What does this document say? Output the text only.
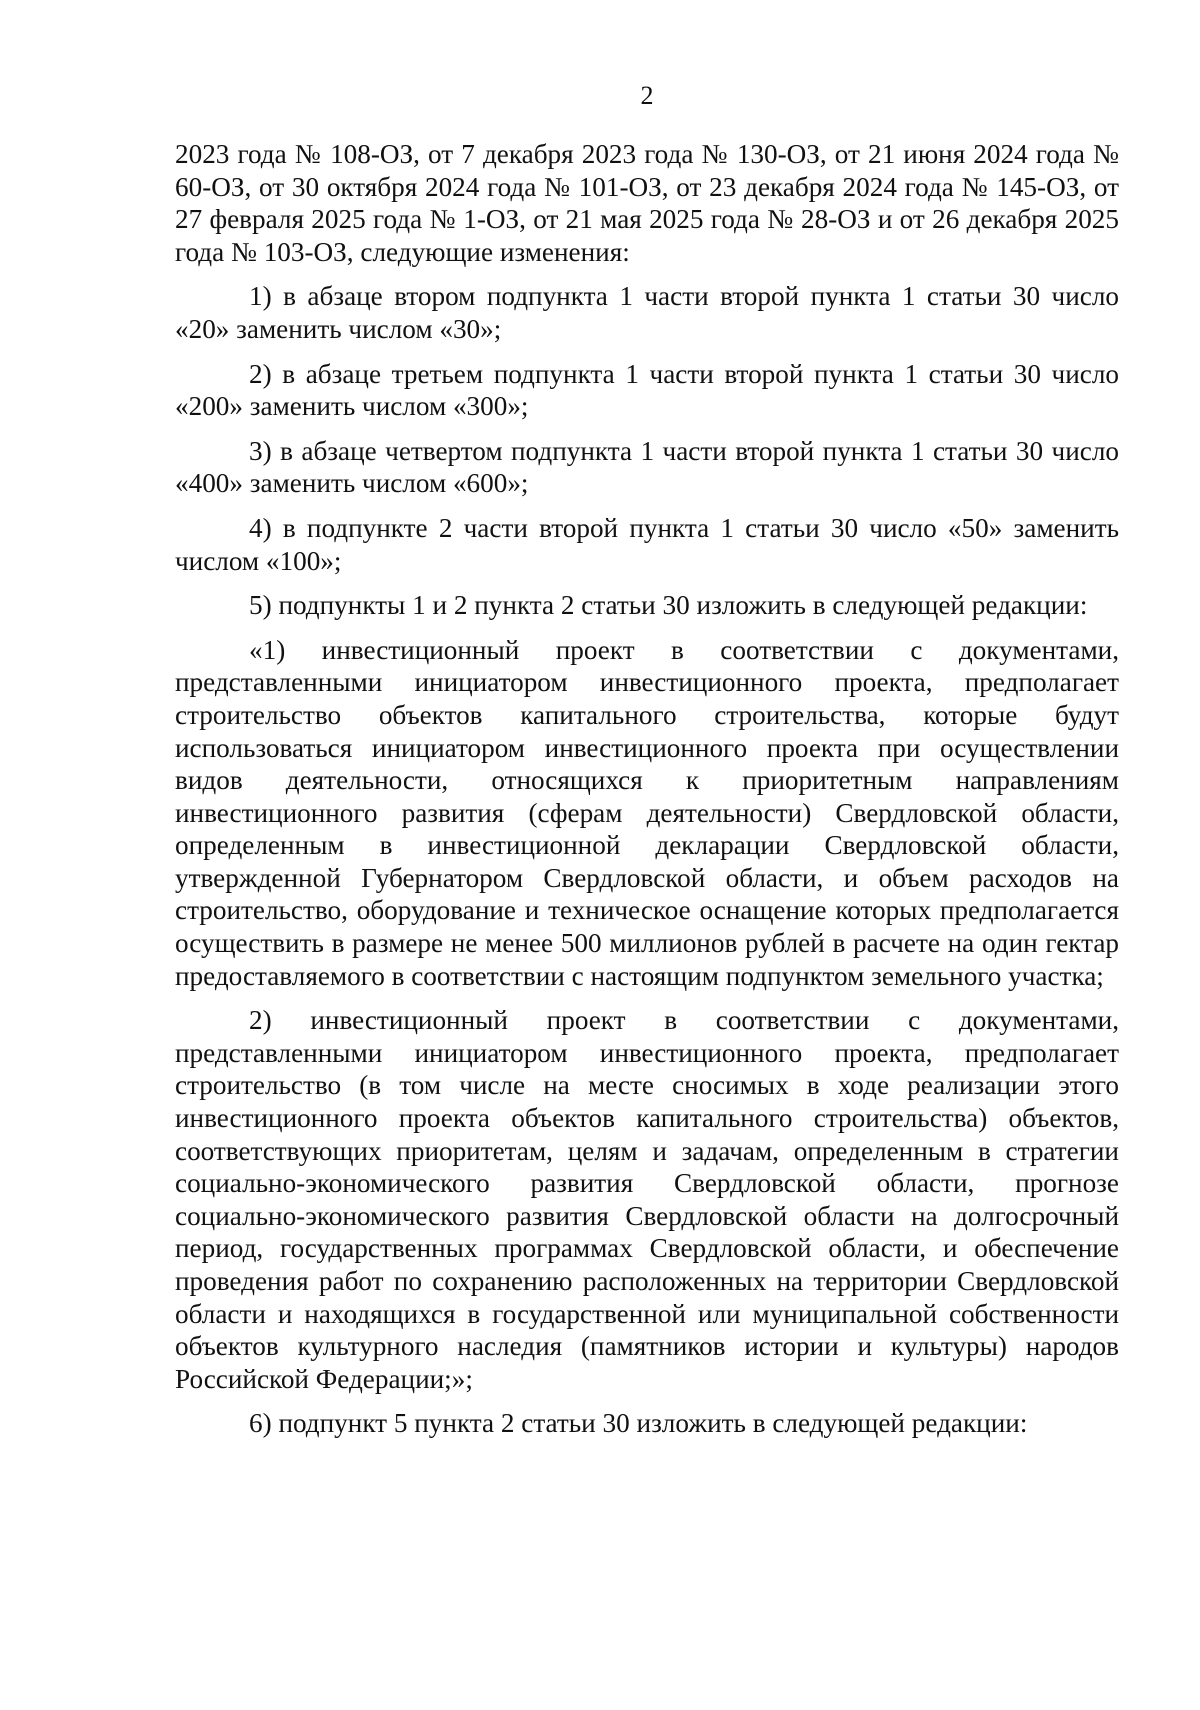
2

2023 года № 108-ОЗ, от 7 декабря 2023 года № 130-ОЗ, от 21 июня 2024 года № 60-ОЗ, от 30 октября 2024 года № 101-ОЗ, от 23 декабря 2024 года № 145-ОЗ, от 27 февраля 2025 года № 1-ОЗ, от 21 мая 2025 года № 28-ОЗ и от 26 декабря 2025 года № 103-ОЗ, следующие изменения:

1) в абзаце втором подпункта 1 части второй пункта 1 статьи 30 число «20» заменить числом «30»;

2) в абзаце третьем подпункта 1 части второй пункта 1 статьи 30 число «200» заменить числом «300»;

3) в абзаце четвертом подпункта 1 части второй пункта 1 статьи 30 число «400» заменить числом «600»;

4) в подпункте 2 части второй пункта 1 статьи 30 число «50» заменить числом «100»;

5) подпункты 1 и 2 пункта 2 статьи 30 изложить в следующей редакции:

«1) инвестиционный проект в соответствии с документами, представленными инициатором инвестиционного проекта, предполагает строительство объектов капитального строительства, которые будут использоваться инициатором инвестиционного проекта при осуществлении видов деятельности, относящихся к приоритетным направлениям инвестиционного развития (сферам деятельности) Свердловской области, определенным в инвестиционной декларации Свердловской области, утвержденной Губернатором Свердловской области, и объем расходов на строительство, оборудование и техническое оснащение которых предполагается осуществить в размере не менее 500 миллионов рублей в расчете на один гектар предоставляемого в соответствии с настоящим подпунктом земельного участка;

2) инвестиционный проект в соответствии с документами, представленными инициатором инвестиционного проекта, предполагает строительство (в том числе на месте сносимых в ходе реализации этого инвестиционного проекта объектов капитального строительства) объектов, соответствующих приоритетам, целям и задачам, определенным в стратегии социально-экономического развития Свердловской области, прогнозе социально-экономического развития Свердловской области на долгосрочный период, государственных программах Свердловской области, и обеспечение проведения работ по сохранению расположенных на территории Свердловской области и находящихся в государственной или муниципальной собственности объектов культурного наследия (памятников истории и культуры) народов Российской Федерации;»;

6) подпункт 5 пункта 2 статьи 30 изложить в следующей редакции:
